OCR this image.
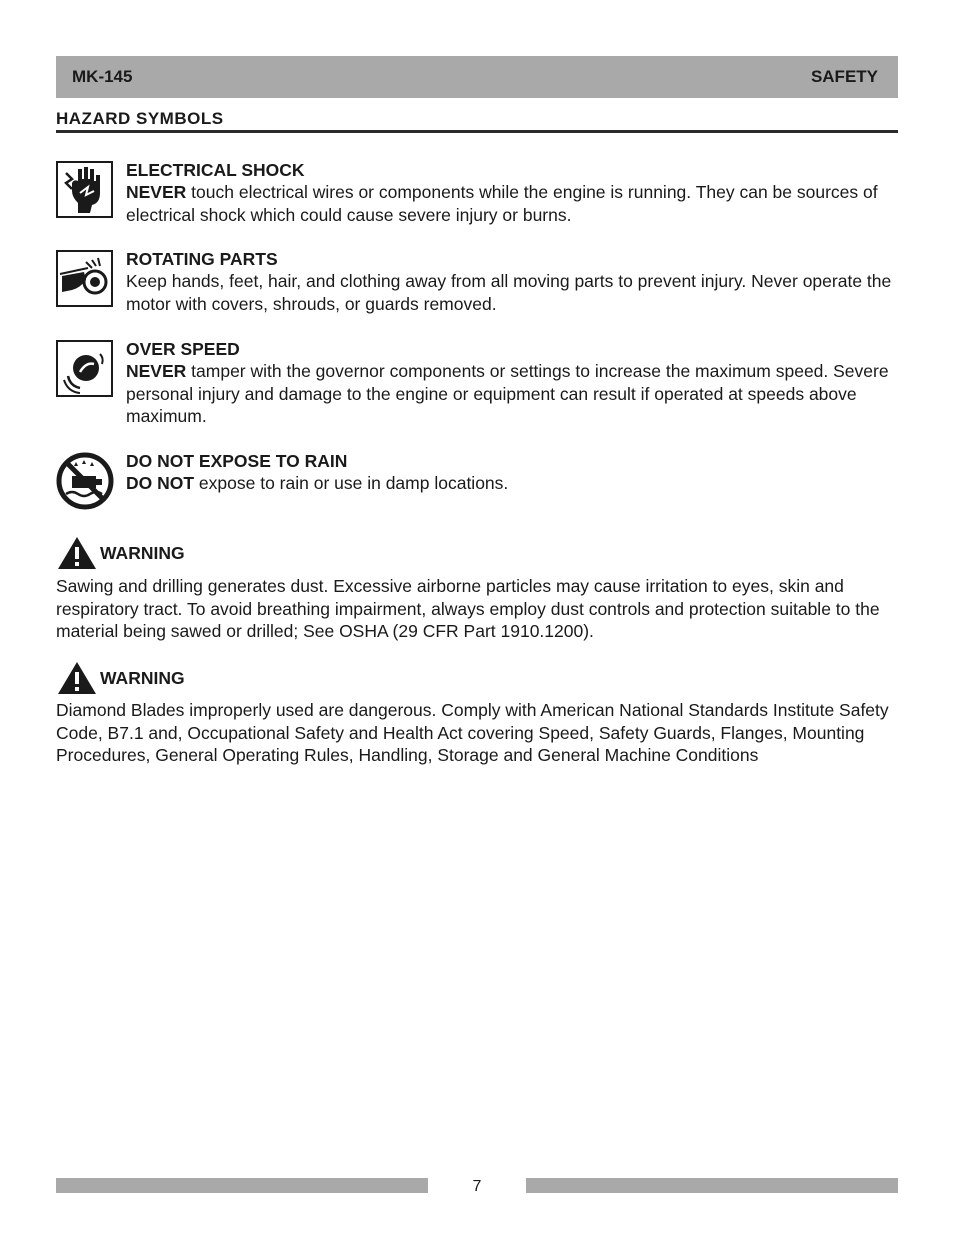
MK-145	SAFETY
HAZARD SYMBOLS
ELECTRICAL SHOCK
NEVER touch electrical wires or components while the engine is running. They can be sources of electrical shock which could cause severe injury or burns.
ROTATING PARTS
Keep hands, feet, hair, and clothing away from all moving parts to prevent injury. Never operate the motor with covers, shrouds, or guards removed.
OVER SPEED
NEVER tamper with the governor components or settings to increase the maximum speed. Severe personal injury and damage to the engine or equipment can result if operated at speeds above maximum.
DO NOT EXPOSE TO RAIN
DO NOT expose to rain or use in damp locations.
WARNING
Sawing and drilling generates dust. Excessive airborne particles may cause irritation to eyes, skin and respiratory tract. To avoid breathing impairment, always employ dust controls and protection suitable to the material being sawed or drilled; See OSHA (29 CFR Part 1910.1200).
WARNING
Diamond Blades improperly used are dangerous. Comply with American National Standards Institute Safety Code, B7.1 and, Occupational Safety and Health Act covering Speed, Safety Guards, Flanges, Mounting Procedures, General Operating Rules, Handling, Storage and General Machine Conditions
7
